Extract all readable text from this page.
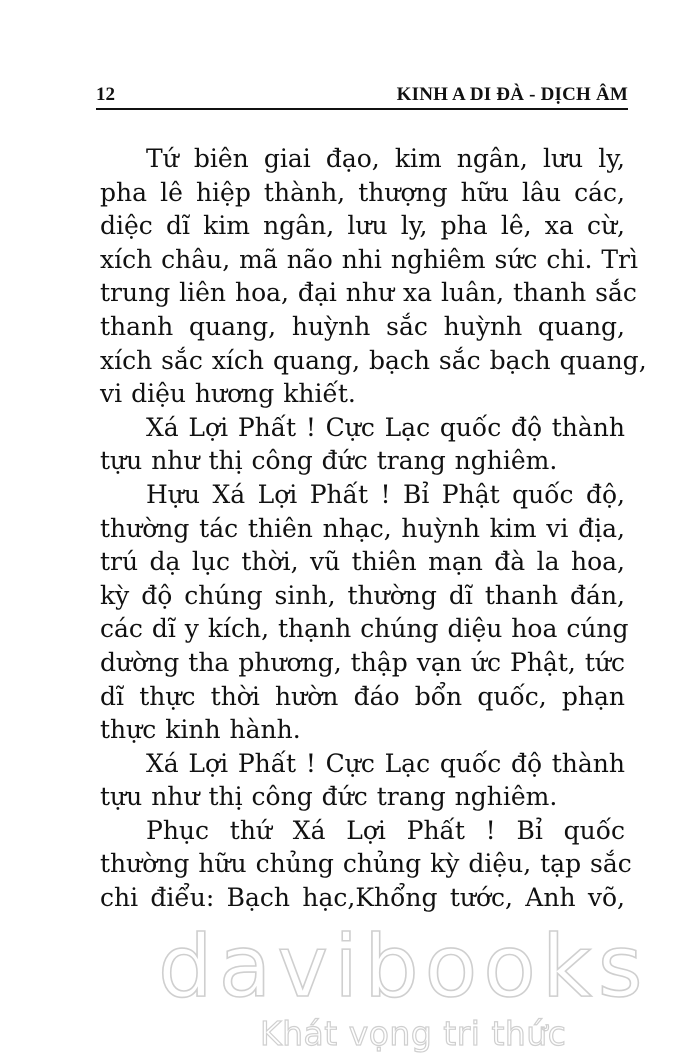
12	KINH A DI ĐÀ - DỊCH ÂM
Tứ biên giai đạo, kim ngân, lưu ly,
pha lê hiệp thành, thượng hữu lâu các,
diệc dĩ kim ngân, lưu ly, pha lê, xa cừ,
xích châu, mã não nhi nghiêm sức chi. Trì
trung liên hoa, đại như xa luân, thanh sắc
thanh quang, huỳnh sắc huỳnh quang,
xích sắc xích quang, bạch sắc bạch quang,
vi diệu hương khiết.
Xá Lợi Phất ! Cực Lạc quốc độ thành
tựu như thị công đức trang nghiêm.
Hựu Xá Lợi Phất ! Bỉ Phật quốc độ,
thường tác thiên nhạc, huỳnh kim vi địa,
trú dạ lục thời, vũ thiên mạn đà la hoa,
kỳ độ chúng sinh, thường dĩ thanh đán,
các dĩ y kích, thạnh chúng diệu hoa cúng
dường tha phương, thập vạn ức Phật, tức
dĩ thực thời hườn đáo bổn quốc, phạn
thực kinh hành.
Xá Lợi Phất ! Cực Lạc quốc độ thành
tựu như thị công đức trang nghiêm.
Phục thứ Xá Lợi Phất ! Bỉ quốc
thường hữu chủng chủng kỳ diệu, tạp sắc
chi điểu: Bạch hạc,Khổng tước, Anh võ,
davibooks
Khát vọng tri thức
